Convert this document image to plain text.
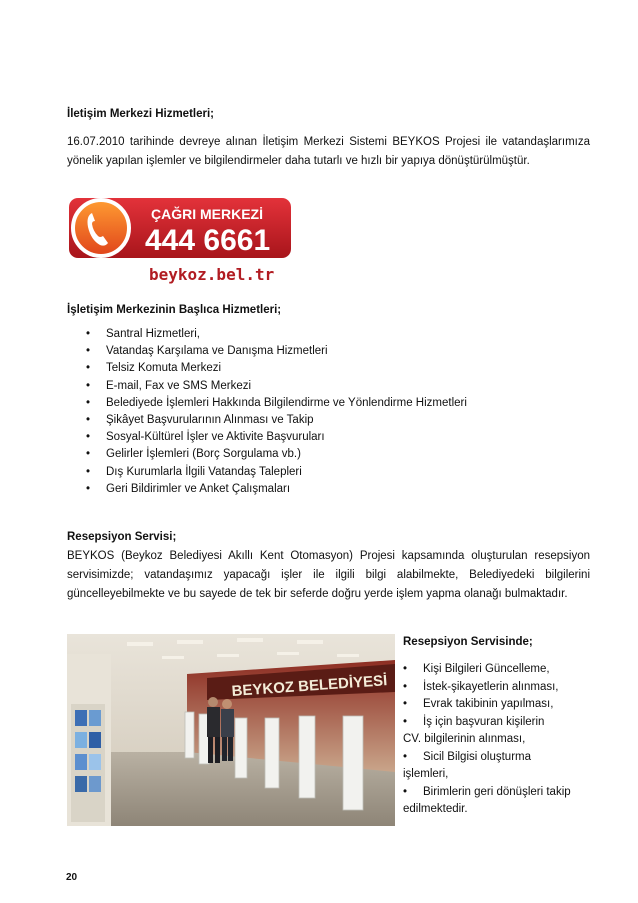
İletişim Merkezi Hizmetleri;

16.07.2010 tarihinde devreye alınan İletişim Merkezi Sistemi BEYKOS Projesi ile vatandaşlarımıza yönelik yapılan işlemler ve bilgilendirmeler daha tutarlı ve hızlı bir yapıya dönüştürülmüştür.

ÇAĞRI MERKEZİ
444 6661
beykoz.bel.tr
İşletişim Merkezinin Başlıca Hizmetleri;
• Santral Hizmetleri,
• Vatandaş Karşılama ve Danışma Hizmetleri
• Telsiz Komuta Merkezi
• E-mail, Fax ve SMS Merkezi
• Belediyede İşlemleri Hakkında Bilgilendirme ve Yönlendirme Hizmetleri
• Şikâyet Başvurularının Alınması ve Takip
• Sosyal-Kültürel İşler ve Aktivite Başvuruları
• Gelirler İşlemleri (Borç Sorgulama vb.)
• Dış Kurumlarla İlgili Vatandaş Talepleri
• Geri Bildirimler ve Anket Çalışmaları
Resepsiyon Servisi;

BEYKOS (Beykoz Belediyesi Akıllı Kent Otomasyon) Projesi kapsamında oluşturulan resepsiyon servisimizde; vatandaşımız yapacağı işler ile ilgili bilgi alabilmekte, Belediyedeki bilgilerini güncelleyebilmekte ve bu sayede de tek bir seferde doğru yerde işlem yapma olanağı bulmaktadır.

BEYKOZ BELEDİYESİ

Resepsiyon Servisinde;

• Kişi Bilgileri Güncelleme,

• İstek-şikayetlerin alınması,

• Evrak takibinin yapılması,

• İş için başvuran kişilerin

CV. bilgilerinin alınması,

• Sicil Bilgisi oluşturma

işlemleri,

• Birimlerin geri dönüşleri takip

edilmektedir.

20
